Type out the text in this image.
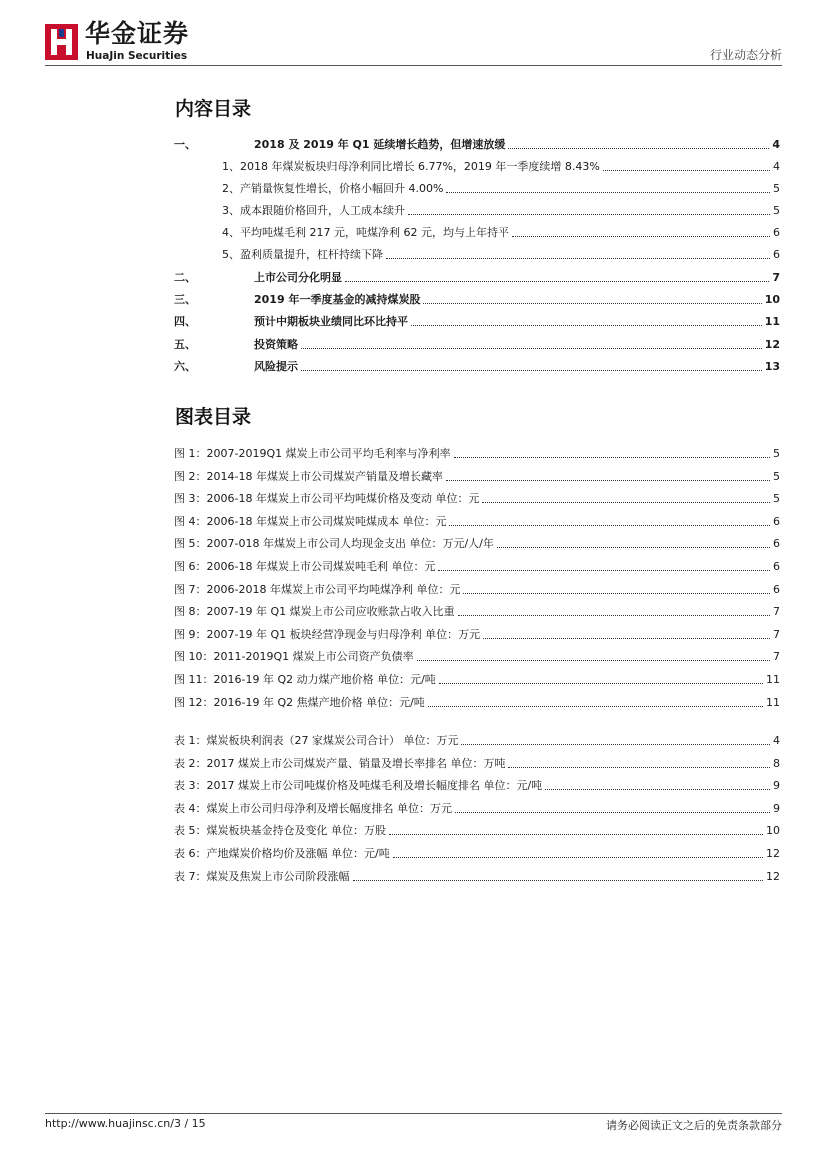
华金证券
HuaJin Securities	行业动态分析
内容目录
图表目录
一、	2018 及 2019 年 Q1 延续增长趋势，但增速放缓	4
1、2018 年煤炭板块归母净利同比增长 6.77%，2019 年一季度续增 8.43%	4
2、产销量恢复性增长，价格小幅回升 4.00%	5
3、成本跟随价格回升，人工成本续升	5
4、平均吨煤毛利 217 元，吨煤净利 62 元，均与上年持平	6
5、盈利质量提升，杠杆持续下降	6
二、	上市公司分化明显	7
三、	2019 年一季度基金的减持煤炭股	10
四、	预计中期板块业绩同比环比持平	11
五、	投资策略	12
六、	风险提示	13
图 1：2007-2019Q1 煤炭上市公司平均毛利率与净利率	5
图 2：2014-18 年煤炭上市公司煤炭产销量及增长藏率	5
图 3：2006-18 年煤炭上市公司平均吨煤价格及变动 单位：元	5
图 4：2006-18 年煤炭上市公司煤炭吨煤成本 单位：元	6
图 5：2007-018 年煤炭上市公司人均现金支出 单位：万元/人/年	6
图 6：2006-18 年煤炭上市公司煤炭吨毛利 单位：元	6
图 7：2006-2018 年煤炭上市公司平均吨煤净利 单位：元	6
图 8：2007-19 年 Q1 煤炭上市公司应收账款占收入比重	7
图 9：2007-19 年 Q1 板块经营净现金与归母净利 单位：万元	7
图 10：2011-2019Q1 煤炭上市公司资产负债率	7
图 11：2016-19 年 Q2 动力煤产地价格 单位：元/吨	11
图 12：2016-19 年 Q2 焦煤产地价格 单位：元/吨	11
表 1：煤炭板块利润表（27 家煤炭公司合计） 单位：万元	4
表 2：2017 煤炭上市公司煤炭产量、销量及增长率排名 单位：万吨	8
表 3：2017 煤炭上市公司吨煤价格及吨煤毛利及增长幅度排名 单位：元/吨	9
表 4：煤炭上市公司归母净利及增长幅度排名 单位：万元	9
表 5：煤炭板块基金持仓及变化 单位：万股	10
表 6：产地煤炭价格均价及涨幅 单位：元/吨	12
表 7：煤炭及焦炭上市公司阶段涨幅	12
http://www.huajinsc.cn/3 / 15	请务必阅读正文之后的免责条款部分
